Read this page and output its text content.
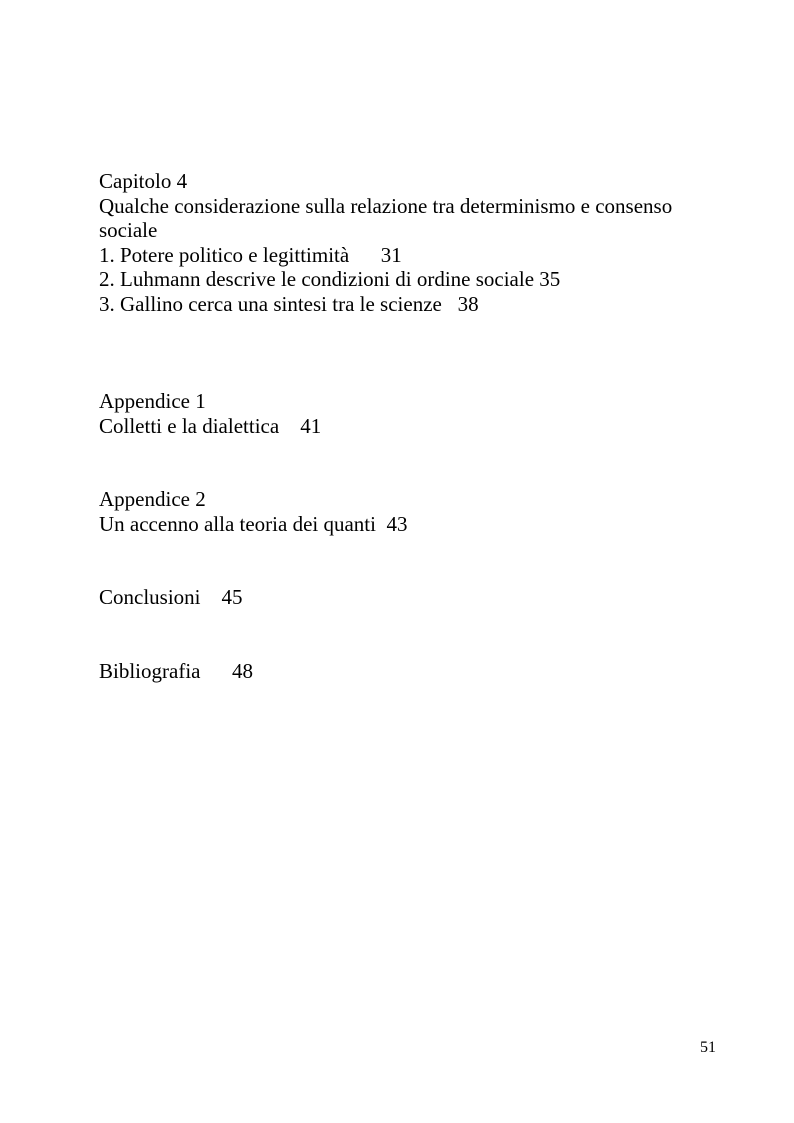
Capitolo 4
Qualche considerazione sulla relazione tra determinismo e consenso
sociale
1. Potere politico e legittimità 31
2. Luhmann descrive le condizioni di ordine sociale 35
3. Gallino cerca una sintesi tra le scienze 38
Appendice 1
Colletti e la dialettica 41
Appendice 2
Un accenno alla teoria dei quanti 43
Conclusioni 45
Bibliografia 48
51
